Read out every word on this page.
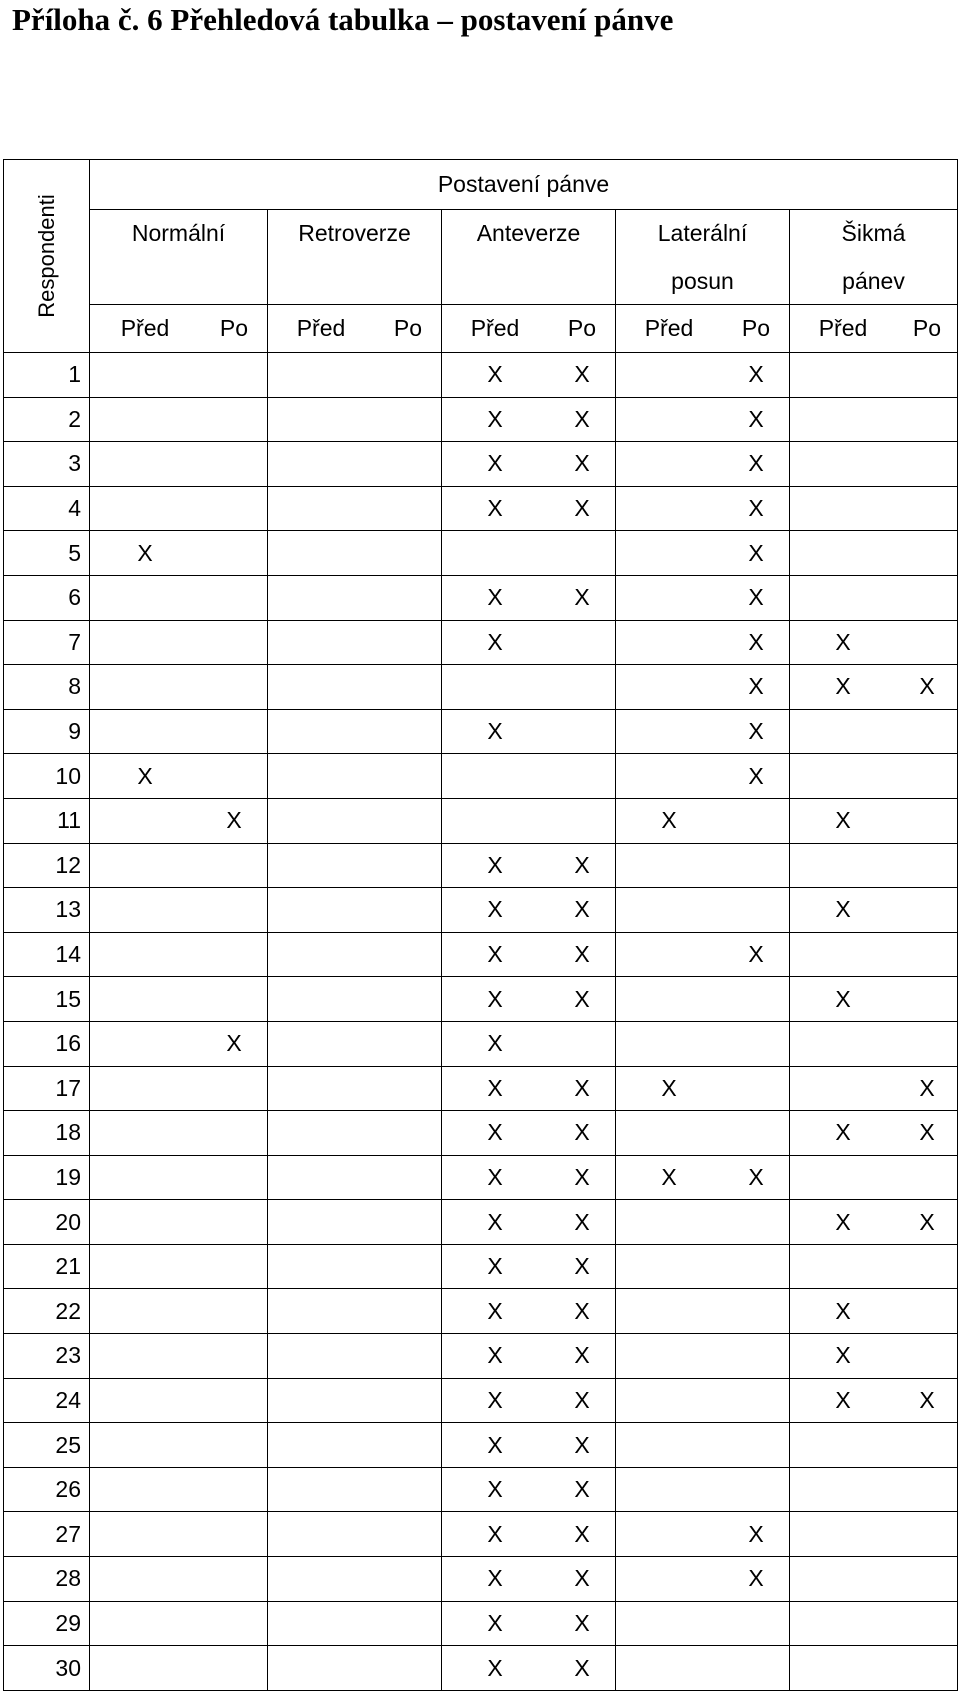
Příloha č. 6 Přehledová tabulka – postavení pánve
Respondenti	Postavení pánve									
	Normální		Retroverze		Anteverze		Laterální		Šikmá	
							posun		pánev	
	Před	Po	Před	Po	Před	Po	Před	Po	Před	Po
1					X	X		X		
2					X	X		X		
3					X	X		X		
4					X	X		X		
5	X							X		
6					X	X		X		
7					X			X	X	
8								X	X	X
9					X			X		
10	X							X		
11		X					X		X	
12					X	X				
13					X	X			X	
14					X	X		X		
15					X	X			X	
16		X			X					
17					X	X	X			X
18					X	X			X	X
19					X	X	X	X		
20					X	X			X	X
21					X	X				
22					X	X			X	
23					X	X			X	
24					X	X			X	X
25					X	X				
26					X	X				
27					X	X		X		
28					X	X		X		
29					X	X				
30					X	X				
